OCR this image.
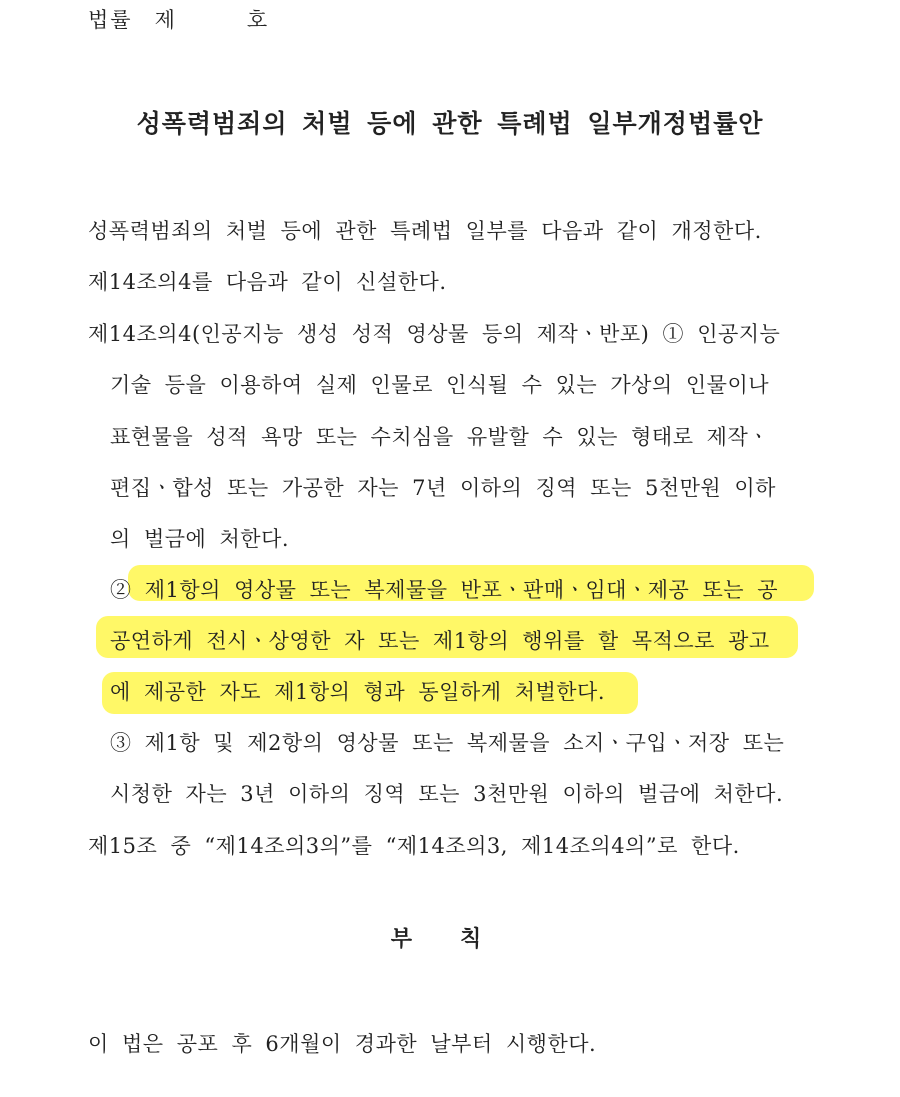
법률 제	호
성폭력범죄의 처벌 등에 관한 특례법 일부개정법률안
성폭력범죄의 처벌 등에 관한 특례법 일부를 다음과 같이 개정한다.
제14조의4를 다음과 같이 신설한다.
제14조의4(인공지능 생성 성적 영상물 등의 제작ㆍ반포) ① 인공지능
기술 등을 이용하여 실제 인물로 인식될 수 있는 가상의 인물이나
표현물을 성적 욕망 또는 수치심을 유발할 수 있는 형태로 제작ㆍ
편집ㆍ합성 또는 가공한 자는 7년 이하의 징역 또는 5천만원 이하
의 벌금에 처한다.
② 제1항의 영상물 또는 복제물을 반포ㆍ판매ㆍ임대ㆍ제공 또는 공
공연하게 전시ㆍ상영한 자 또는 제1항의 행위를 할 목적으로 광고
에 제공한 자도 제1항의 형과 동일하게 처벌한다.
③ 제1항 및 제2항의 영상물 또는 복제물을 소지ㆍ구입ㆍ저장 또는
시청한 자는 3년 이하의 징역 또는 3천만원 이하의 벌금에 처한다.
제15조 중 “제14조의3의”를 “제14조의3, 제14조의4의”로 한다.
부칙
이 법은 공포 후 6개월이 경과한 날부터 시행한다.
